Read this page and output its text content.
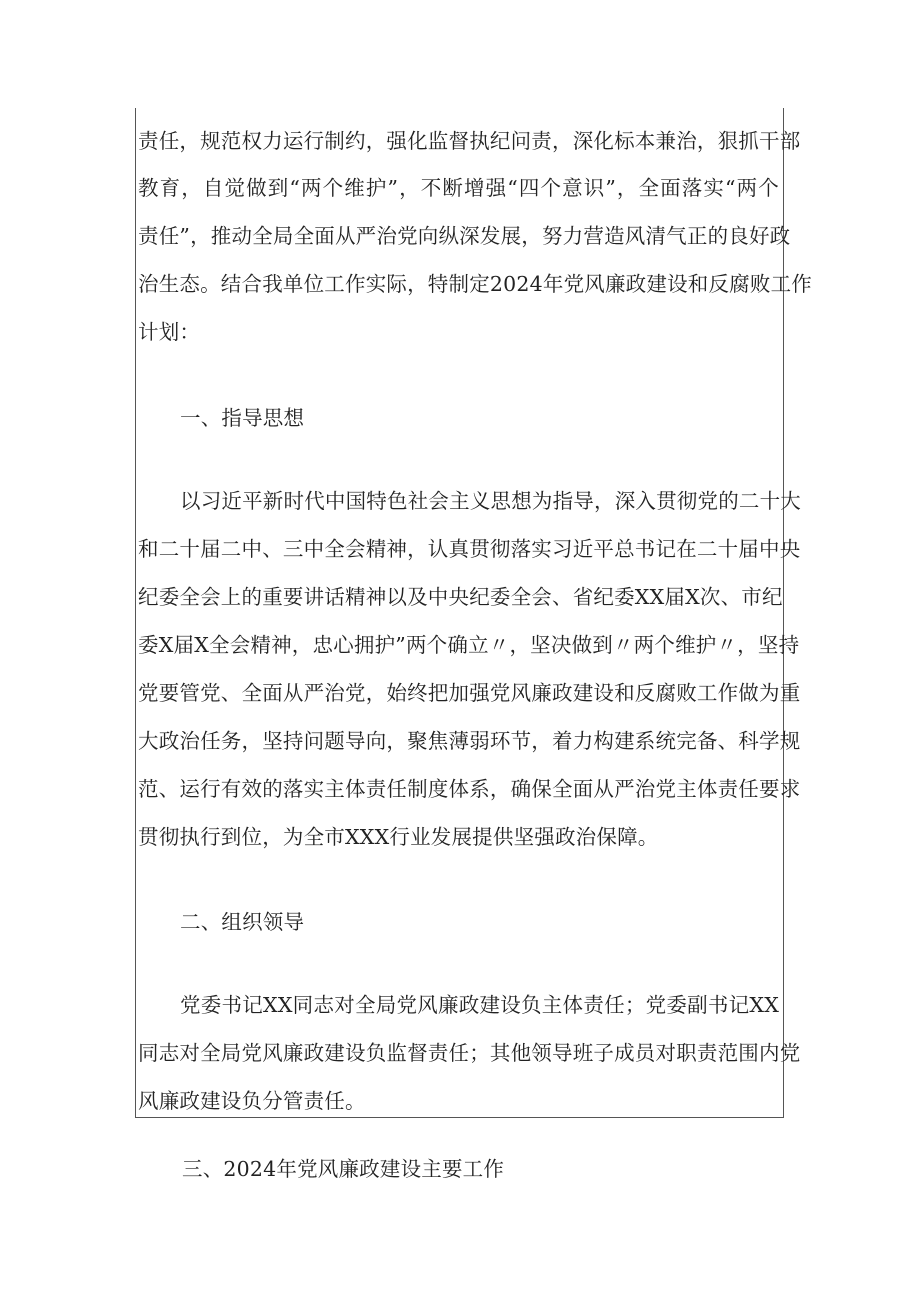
责任，规范权力运行制约，强化监督执纪问责，深化标本兼治，狠抓干部
教育，自觉做到“两个维护”，不断增强“四个意识”，全面落实“两个
责任”，推动全局全面从严治党向纵深发展，努力营造风清气正的良好政
治生态。结合我单位工作实际，特制定2024年党风廉政建设和反腐败工作
计划：
一、指导思想
以习近平新时代中国特色社会主义思想为指导，深入贯彻党的二十大
和二十届二中、三中全会精神，认真贯彻落实习近平总书记在二十届中央
纪委全会上的重要讲话精神以及中央纪委全会、省纪委XX届X次、市纪
委X届X全会精神，忠心拥护”两个确立〃，坚决做到〃两个维护〃，坚持
党要管党、全面从严治党，始终把加强党风廉政建设和反腐败工作做为重
大政治任务，坚持问题导向，聚焦薄弱环节，着力构建系统完备、科学规
范、运行有效的落实主体责任制度体系，确保全面从严治党主体责任要求
贯彻执行到位，为全市XXX行业发展提供坚强政治保障。
二、组织领导
党委书记XX同志对全局党风廉政建设负主体责任；党委副书记XX
同志对全局党风廉政建设负监督责任；其他领导班子成员对职责范围内党
风廉政建设负分管责任。
三、2024年党风廉政建设主要工作
